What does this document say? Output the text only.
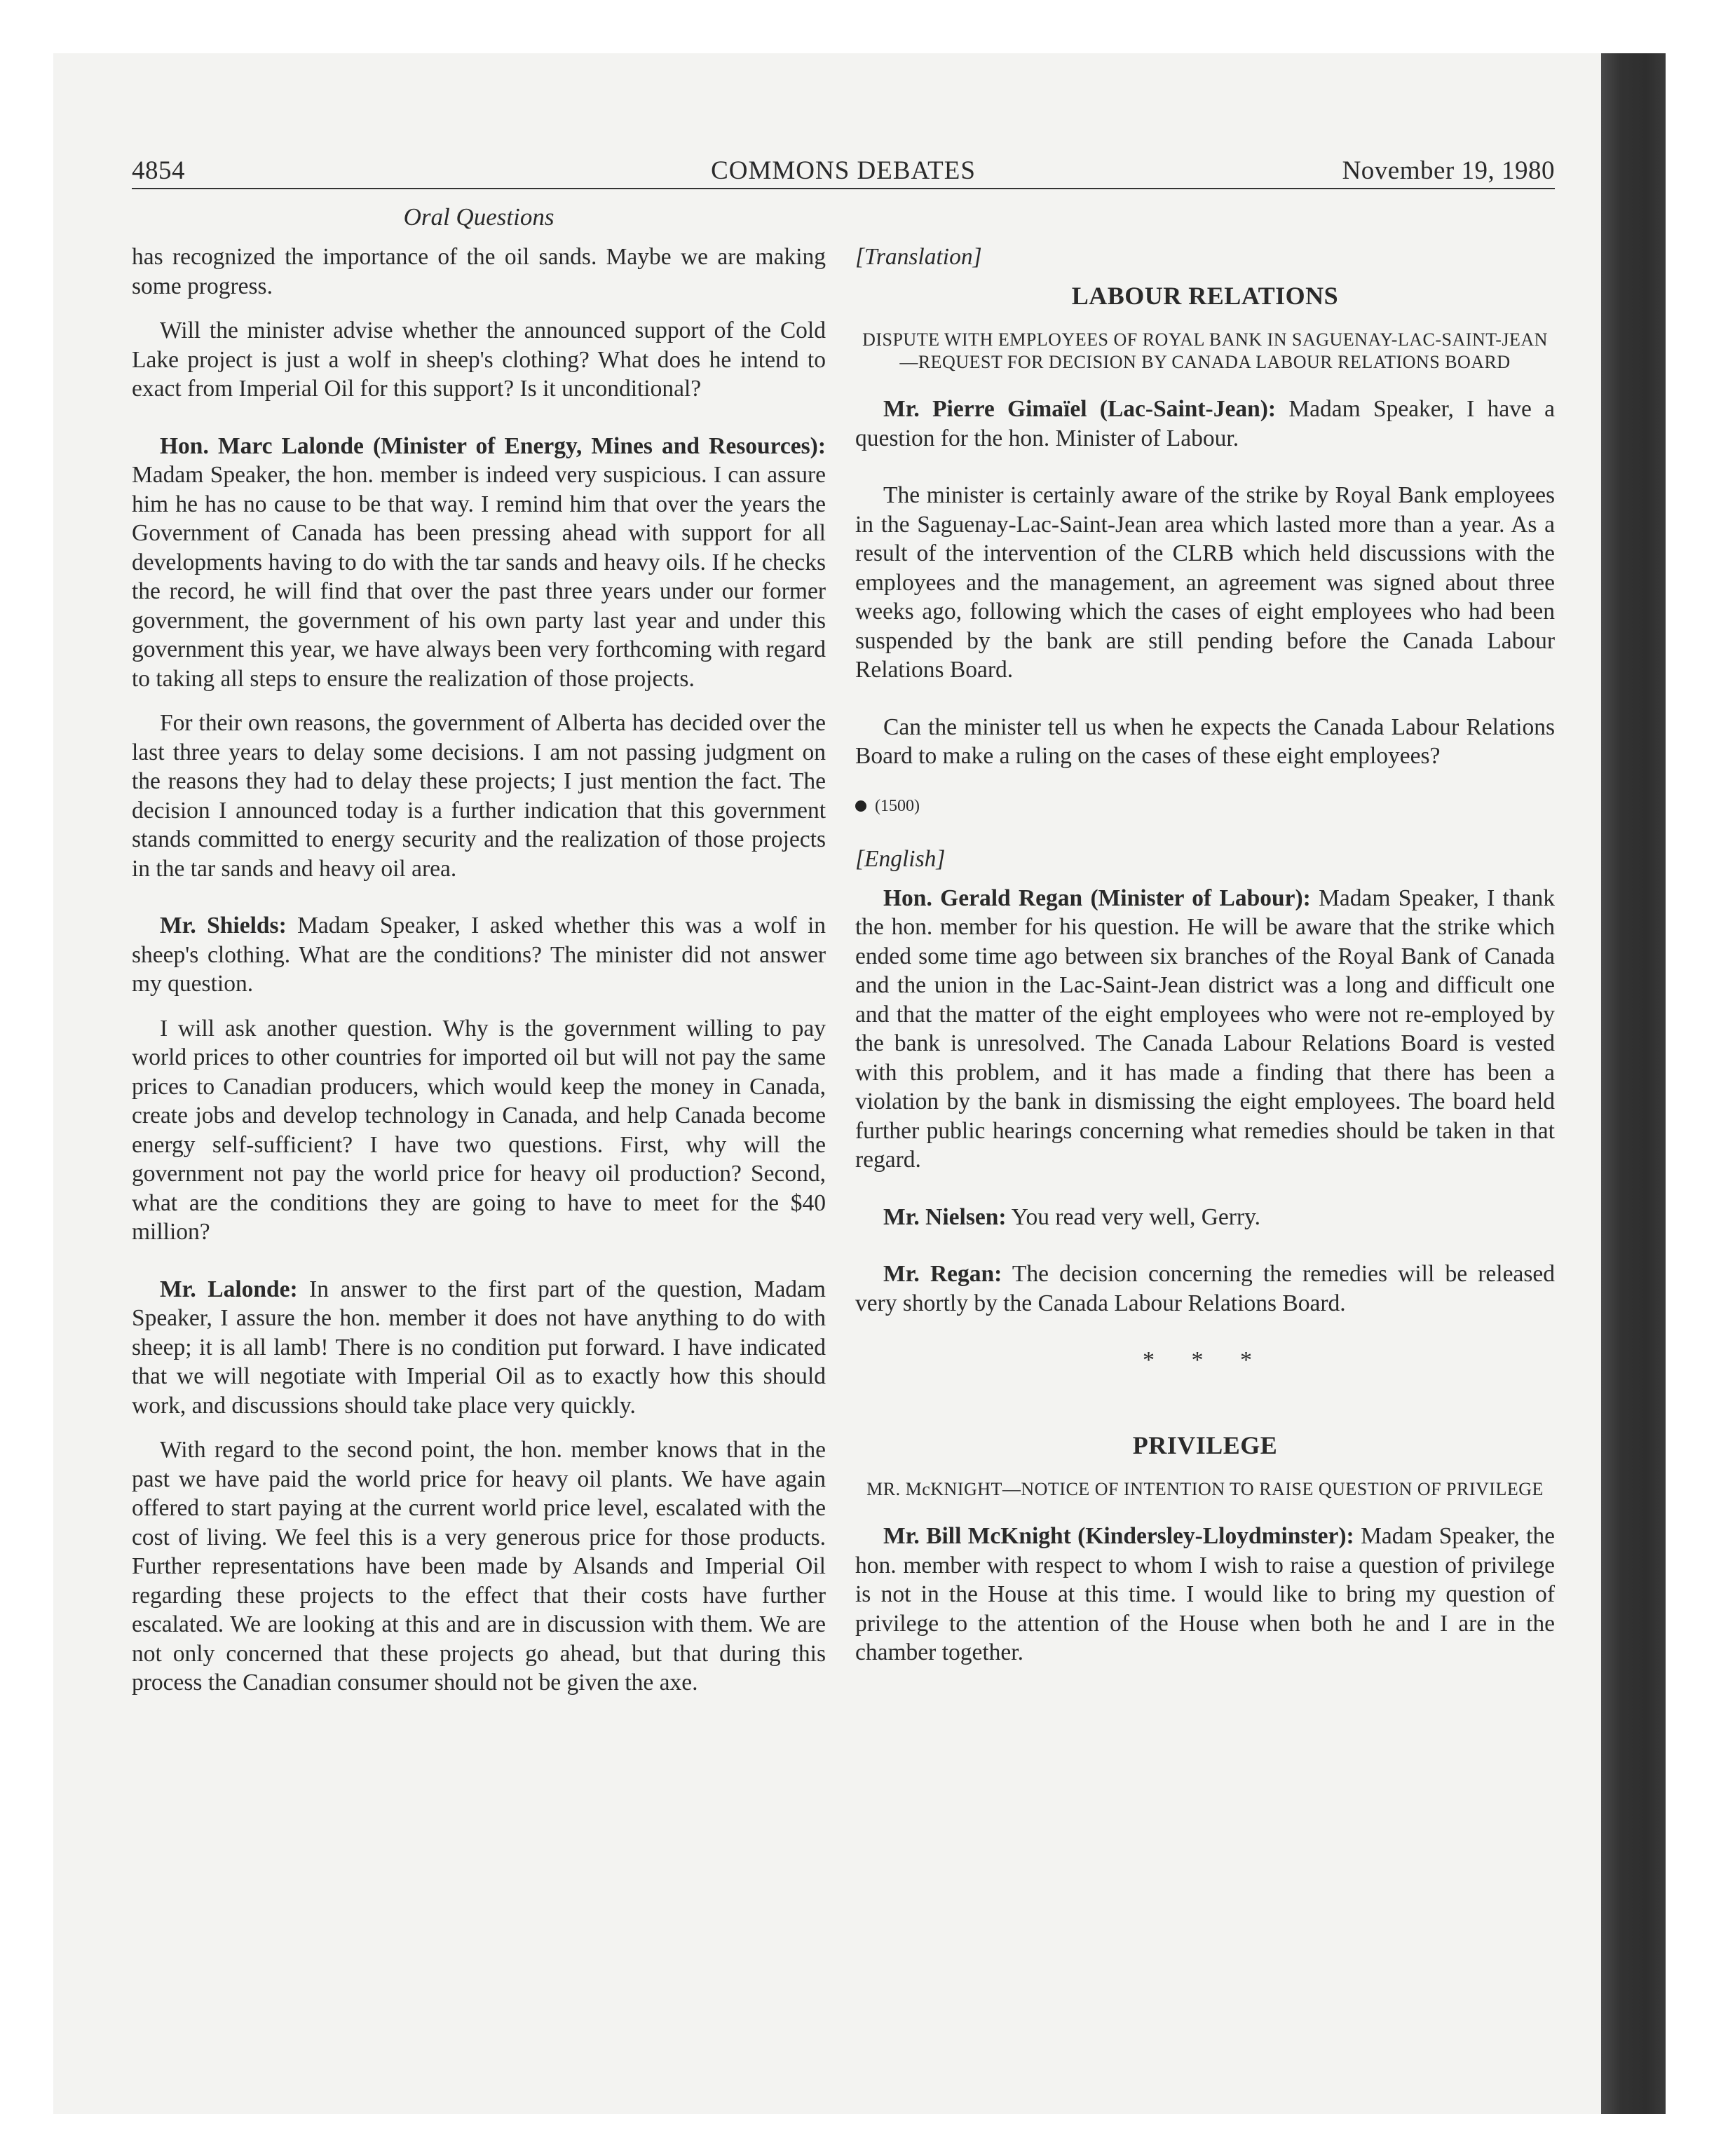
4854	COMMONS DEBATES	November 19, 1980
Oral Questions

has recognized the importance of the oil sands. Maybe we are making some progress.

Will the minister advise whether the announced support of the Cold Lake project is just a wolf in sheep's clothing? What does he intend to exact from Imperial Oil for this support? Is it unconditional?

Hon. Marc Lalonde (Minister of Energy, Mines and Resources): Madam Speaker, the hon. member is indeed very suspicious. I can assure him he has no cause to be that way. I remind him that over the years the Government of Canada has been pressing ahead with support for all developments having to do with the tar sands and heavy oils. If he checks the record, he will find that over the past three years under our former government, the government of his own party last year and under this government this year, we have always been very forthcoming with regard to taking all steps to ensure the realization of those projects.

For their own reasons, the government of Alberta has decided over the last three years to delay some decisions. I am not passing judgment on the reasons they had to delay these projects; I just mention the fact. The decision I announced today is a further indication that this government stands committed to energy security and the realization of those projects in the tar sands and heavy oil area.

Mr. Shields: Madam Speaker, I asked whether this was a wolf in sheep's clothing. What are the conditions? The minister did not answer my question.

I will ask another question. Why is the government willing to pay world prices to other countries for imported oil but will not pay the same prices to Canadian producers, which would keep the money in Canada, create jobs and develop technology in Canada, and help Canada become energy self-sufficient? I have two questions. First, why will the government not pay the world price for heavy oil production? Second, what are the conditions they are going to have to meet for the $40 million?

Mr. Lalonde: In answer to the first part of the question, Madam Speaker, I assure the hon. member it does not have anything to do with sheep; it is all lamb! There is no condition put forward. I have indicated that we will negotiate with Imperial Oil as to exactly how this should work, and discussions should take place very quickly.

With regard to the second point, the hon. member knows that in the past we have paid the world price for heavy oil plants. We have again offered to start paying at the current world price level, escalated with the cost of living. We feel this is a very generous price for those products. Further representations have been made by Alsands and Imperial Oil regarding these projects to the effect that their costs have further escalated. We are looking at this and are in discussion with them. We are not only concerned that these projects go ahead, but that during this process the Canadian consumer should not be given the axe.

[Translation]
LABOUR RELATIONS
DISPUTE WITH EMPLOYEES OF ROYAL BANK IN SAGUENAY-LAC-SAINT-JEAN—REQUEST FOR DECISION BY CANADA LABOUR RELATIONS BOARD

Mr. Pierre Gimaïel (Lac-Saint-Jean): Madam Speaker, I have a question for the hon. Minister of Labour.

The minister is certainly aware of the strike by Royal Bank employees in the Saguenay-Lac-Saint-Jean area which lasted more than a year. As a result of the intervention of the CLRB which held discussions with the employees and the management, an agreement was signed about three weeks ago, following which the cases of eight employees who had been suspended by the bank are still pending before the Canada Labour Relations Board.

Can the minister tell us when he expects the Canada Labour Relations Board to make a ruling on the cases of these eight employees?

(1500)
[English]

Hon. Gerald Regan (Minister of Labour): Madam Speaker, I thank the hon. member for his question. He will be aware that the strike which ended some time ago between six branches of the Royal Bank of Canada and the union in the Lac-Saint-Jean district was a long and difficult one and that the matter of the eight employees who were not re-employed by the bank is unresolved. The Canada Labour Relations Board is vested with this problem, and it has made a finding that there has been a violation by the bank in dismissing the eight employees. The board held further public hearings concerning what remedies should be taken in that regard.

Mr. Nielsen: You read very well, Gerry.

Mr. Regan: The decision concerning the remedies will be released very shortly by the Canada Labour Relations Board.

* * *
PRIVILEGE
MR. McKNIGHT—NOTICE OF INTENTION TO RAISE QUESTION OF PRIVILEGE

Mr. Bill McKnight (Kindersley-Lloydminster): Madam Speaker, the hon. member with respect to whom I wish to raise a question of privilege is not in the House at this time. I would like to bring my question of privilege to the attention of the House when both he and I are in the chamber together.
